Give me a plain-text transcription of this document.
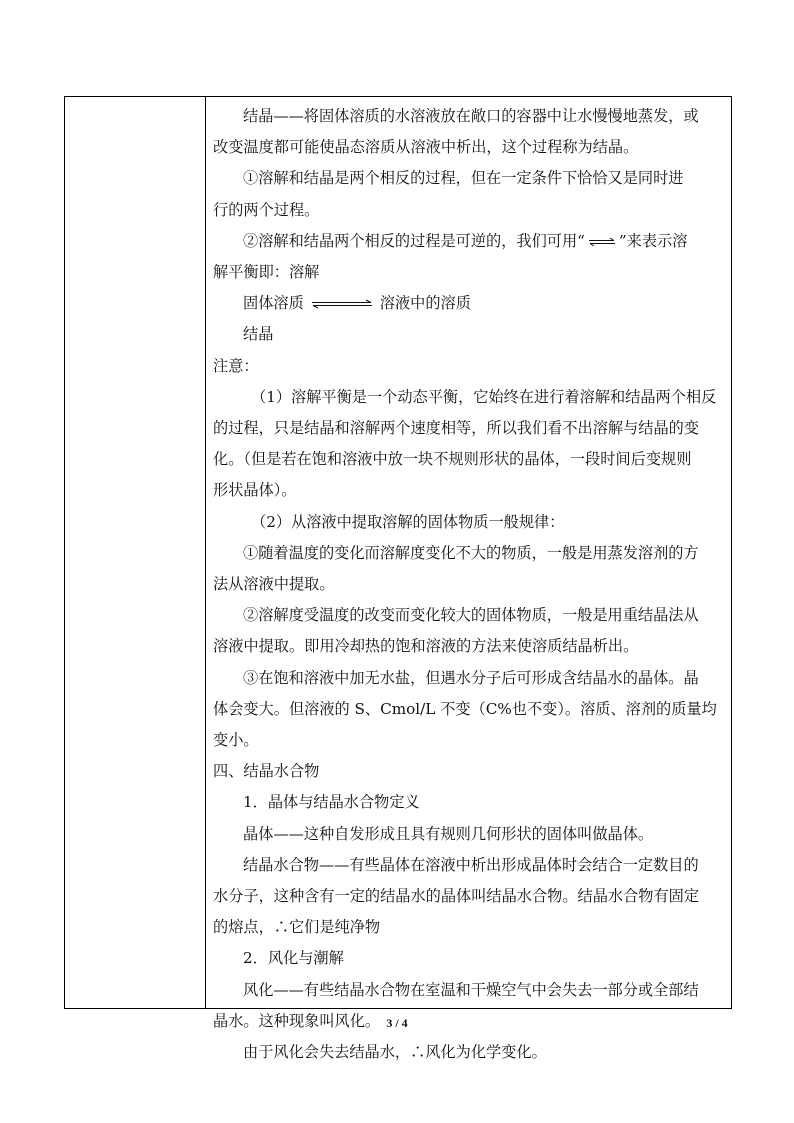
结晶——将固体溶质的水溶液放在敞口的容器中让水慢慢地蒸发，或

改变温度都可能使晶态溶质从溶液中析出，这个过程称为结晶。

①溶解和结晶是两个相反的过程，但在一定条件下恰恰又是同时进

行的两个过程。

②溶解和结晶两个相反的过程是可逆的，我们可用“ ⇌ ”来表示溶

解平衡即：溶解

固体溶质	溶液中的溶质

结晶

注意：

（1）溶解平衡是一个动态平衡，它始终在进行着溶解和结晶两个相反

的过程，只是结晶和溶解两个速度相等，所以我们看不出溶解与结晶的变

化。（但是若在饱和溶液中放一块不规则形状的晶体，一段时间后变规则

形状晶体）。

（2）从溶液中提取溶解的固体物质一般规律：

①随着温度的变化而溶解度变化不大的物质，一般是用蒸发溶剂的方

法从溶液中提取。

②溶解度受温度的改变而变化较大的固体物质，一般是用重结晶法从

溶液中提取。即用冷却热的饱和溶液的方法来使溶质结晶析出。

③在饱和溶液中加无水盐，但遇水分子后可形成含结晶水的晶体。晶

体会变大。但溶液的 S、Cmol/L 不变（C%也不变）。溶质、溶剂的质量均

变小。

四、结晶水合物

1．晶体与结晶水合物定义

晶体——这种自发形成且具有规则几何形状的固体叫做晶体。

结晶水合物——有些晶体在溶液中析出形成晶体时会结合一定数目的

水分子，这种含有一定的结晶水的晶体叫结晶水合物。结晶水合物有固定

的熔点，∴它们是纯净物

2．风化与潮解

风化——有些结晶水合物在室温和干燥空气中会失去一部分或全部结

晶水。这种现象叫风化。

由于风化会失去结晶水，∴风化为化学变化。

3 / 4
